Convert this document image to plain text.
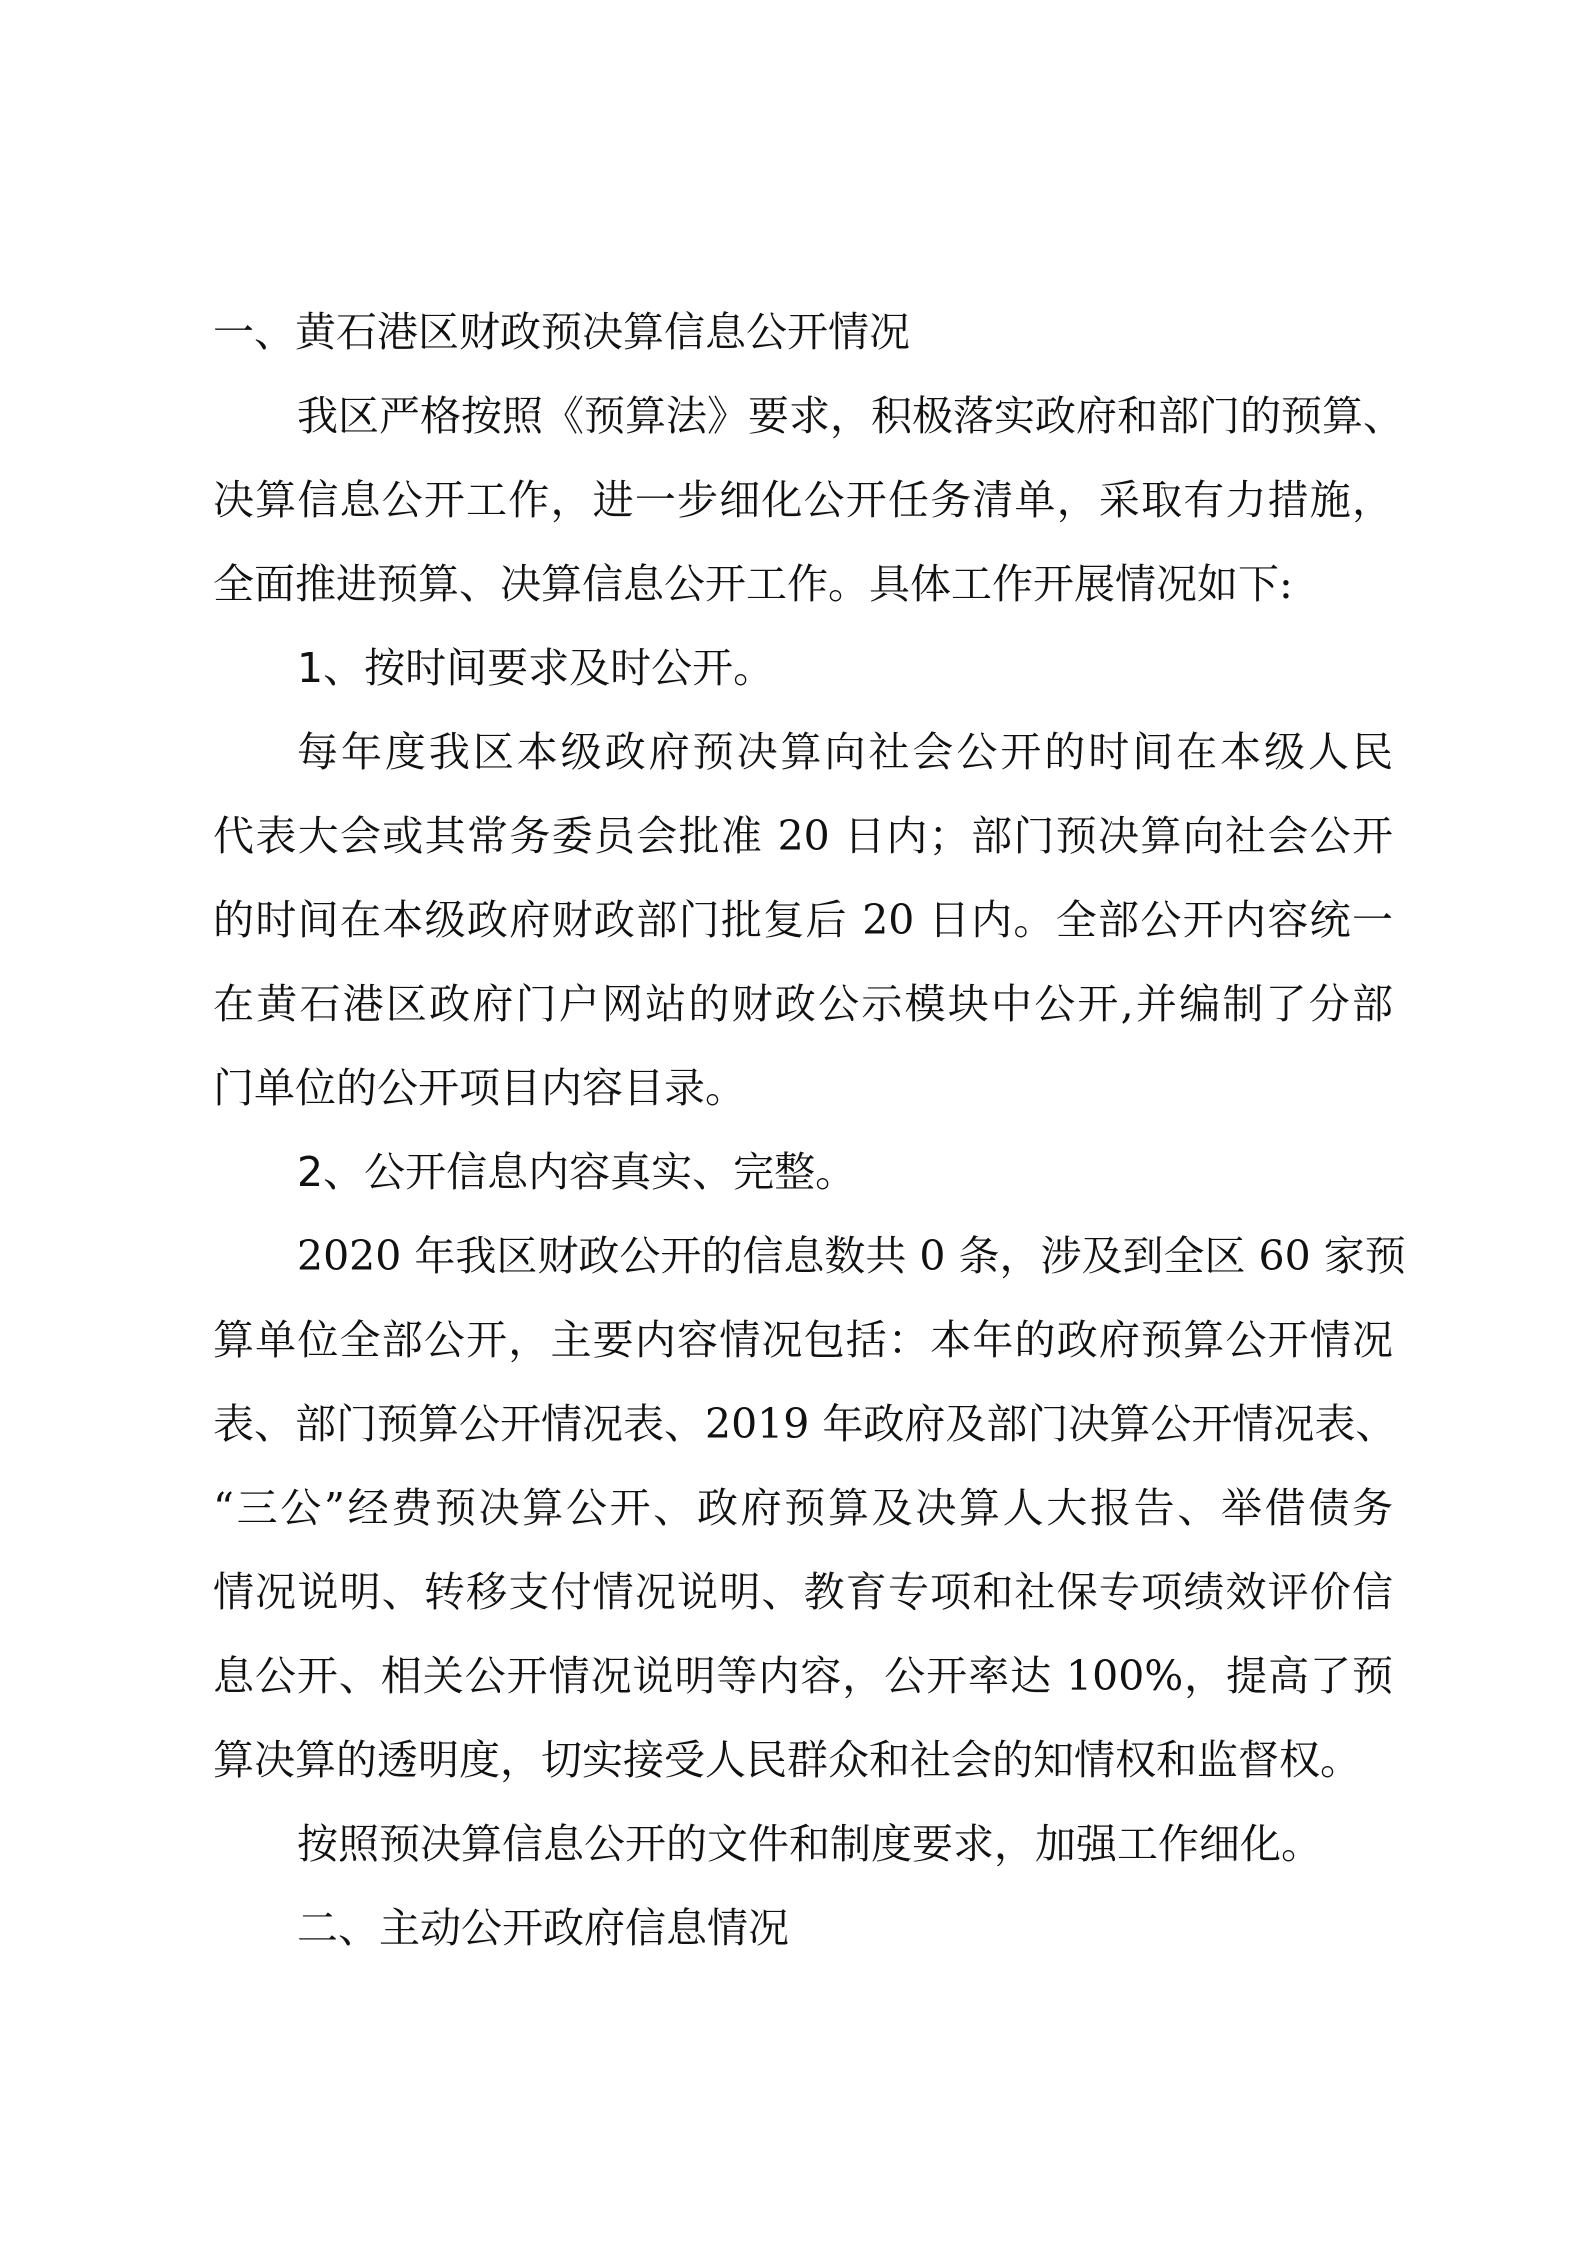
一、黄石港区财政预决算信息公开情况

我区严格按照《预算法》要求，积极落实政府和部门的预算、
决算信息公开工作，进一步细化公开任务清单，采取有力措施，
全面推进预算、决算信息公开工作。具体工作开展情况如下:

1、按时间要求及时公开。

每年度我区本级政府预决算向社会公开的时间在本级人民
代表大会或其常务委员会批准 20 日内；部门预决算向社会公开
的时间在本级政府财政部门批复后 20 日内。全部公开内容统一
在黄石港区政府门户网站的财政公示模块中公开,并编制了分部
门单位的公开项目内容目录。

2、公开信息内容真实、完整。

2020 年我区财政公开的信息数共 0 条，涉及到全区 60 家预
算单位全部公开，主要内容情况包括：本年的政府预算公开情况
表、部门预算公开情况表、2019 年政府及部门决算公开情况表、
“三公”经费预决算公开、政府预算及决算人大报告、举借债务
情况说明、转移支付情况说明、教育专项和社保专项绩效评价信
息公开、相关公开情况说明等内容，公开率达 100%，提高了预
算决算的透明度，切实接受人民群众和社会的知情权和监督权。

按照预决算信息公开的文件和制度要求，加强工作细化。

二、主动公开政府信息情况
